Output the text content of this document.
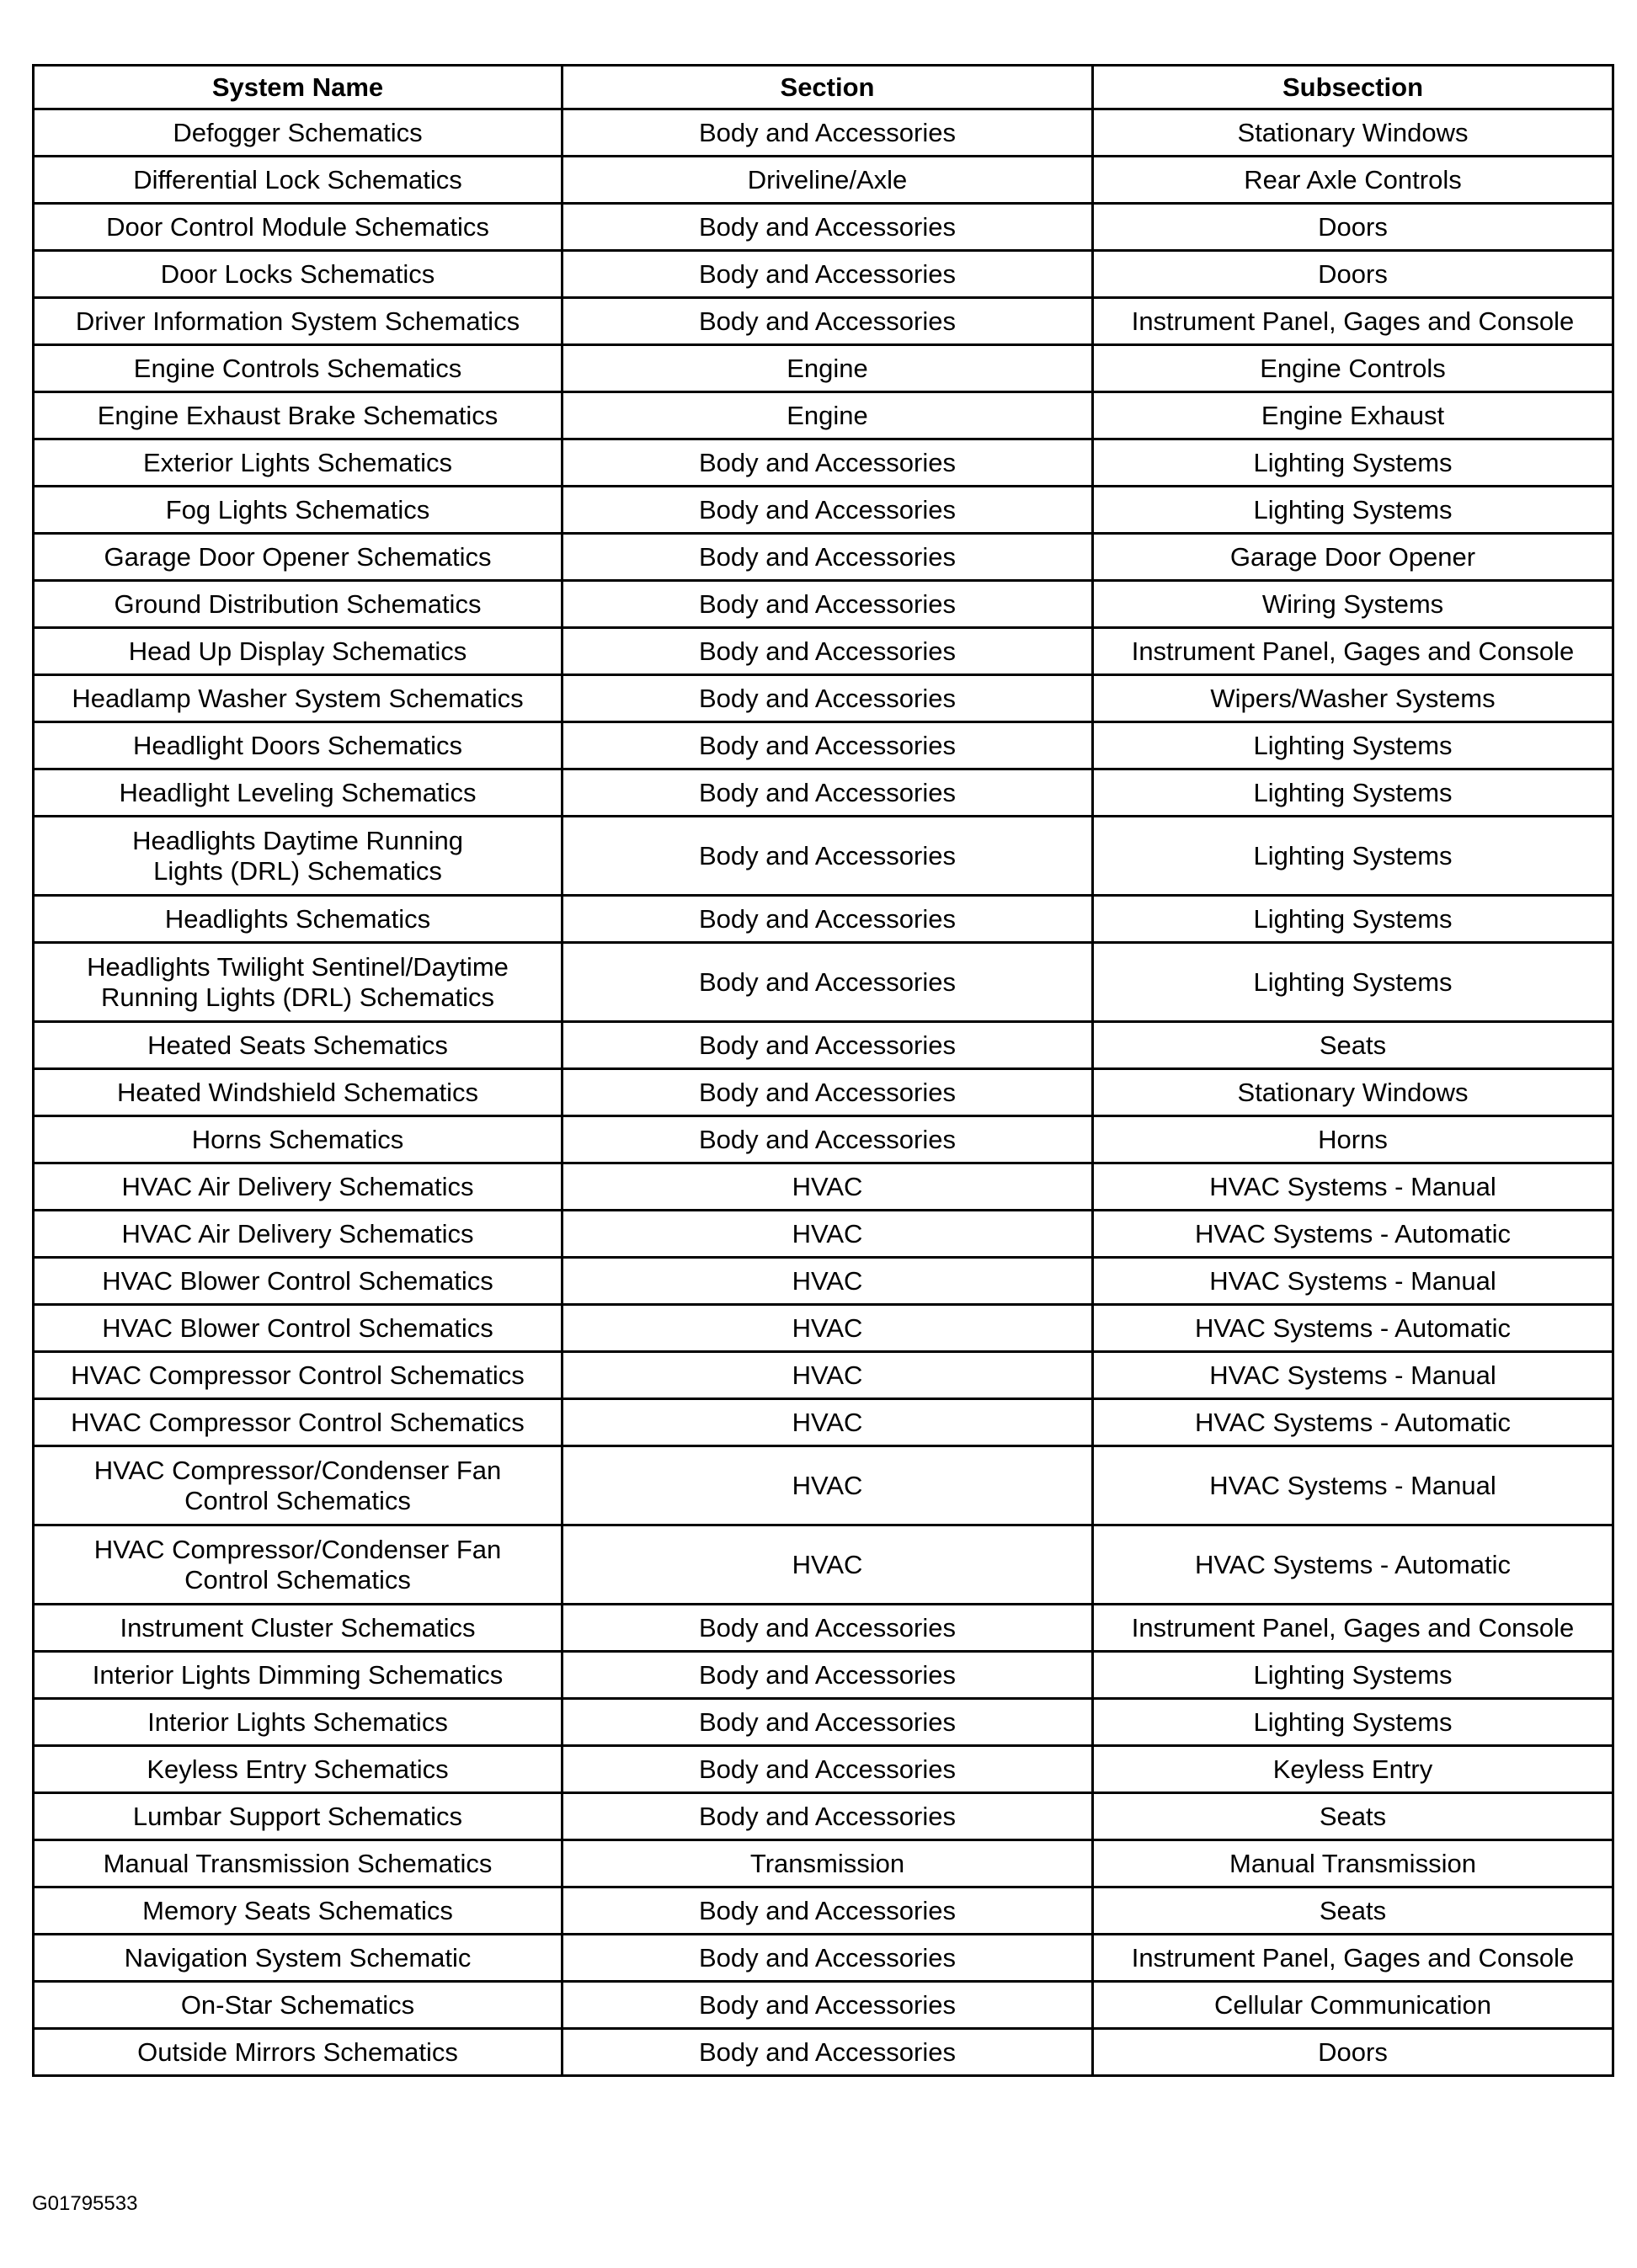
System Name	Section	Subsection
Defogger Schematics	Body and Accessories	Stationary Windows
Differential Lock Schematics	Driveline/Axle	Rear Axle Controls
Door Control Module Schematics	Body and Accessories	Doors
Door Locks Schematics	Body and Accessories	Doors
Driver Information System Schematics	Body and Accessories	Instrument Panel, Gages and Console
Engine Controls Schematics	Engine	Engine Controls
Engine Exhaust Brake Schematics	Engine	Engine Exhaust
Exterior Lights Schematics	Body and Accessories	Lighting Systems
Fog Lights Schematics	Body and Accessories	Lighting Systems
Garage Door Opener Schematics	Body and Accessories	Garage Door Opener
Ground Distribution Schematics	Body and Accessories	Wiring Systems
Head Up Display Schematics	Body and Accessories	Instrument Panel, Gages and Console
Headlamp Washer System Schematics	Body and Accessories	Wipers/Washer Systems
Headlight Doors Schematics	Body and Accessories	Lighting Systems
Headlight Leveling Schematics	Body and Accessories	Lighting Systems
Headlights Daytime Running
Lights (DRL) Schematics	Body and Accessories	Lighting Systems
Headlights Schematics	Body and Accessories	Lighting Systems
Headlights Twilight Sentinel/Daytime
Running Lights (DRL) Schematics	Body and Accessories	Lighting Systems
Heated Seats Schematics	Body and Accessories	Seats
Heated Windshield Schematics	Body and Accessories	Stationary Windows
Horns Schematics	Body and Accessories	Horns
HVAC Air Delivery Schematics	HVAC	HVAC Systems - Manual
HVAC Air Delivery Schematics	HVAC	HVAC Systems - Automatic
HVAC Blower Control Schematics	HVAC	HVAC Systems - Manual
HVAC Blower Control Schematics	HVAC	HVAC Systems - Automatic
HVAC Compressor Control Schematics	HVAC	HVAC Systems - Manual
HVAC Compressor Control Schematics	HVAC	HVAC Systems - Automatic
HVAC Compressor/Condenser Fan
Control Schematics	HVAC	HVAC Systems - Manual
HVAC Compressor/Condenser Fan
Control Schematics	HVAC	HVAC Systems - Automatic
Instrument Cluster Schematics	Body and Accessories	Instrument Panel, Gages and Console
Interior Lights Dimming Schematics	Body and Accessories	Lighting Systems
Interior Lights Schematics	Body and Accessories	Lighting Systems
Keyless Entry Schematics	Body and Accessories	Keyless Entry
Lumbar Support Schematics	Body and Accessories	Seats
Manual Transmission Schematics	Transmission	Manual Transmission
Memory Seats Schematics	Body and Accessories	Seats
Navigation System Schematic	Body and Accessories	Instrument Panel, Gages and Console
On-Star Schematics	Body and Accessories	Cellular Communication
Outside Mirrors Schematics	Body and Accessories	Doors
G01795533
